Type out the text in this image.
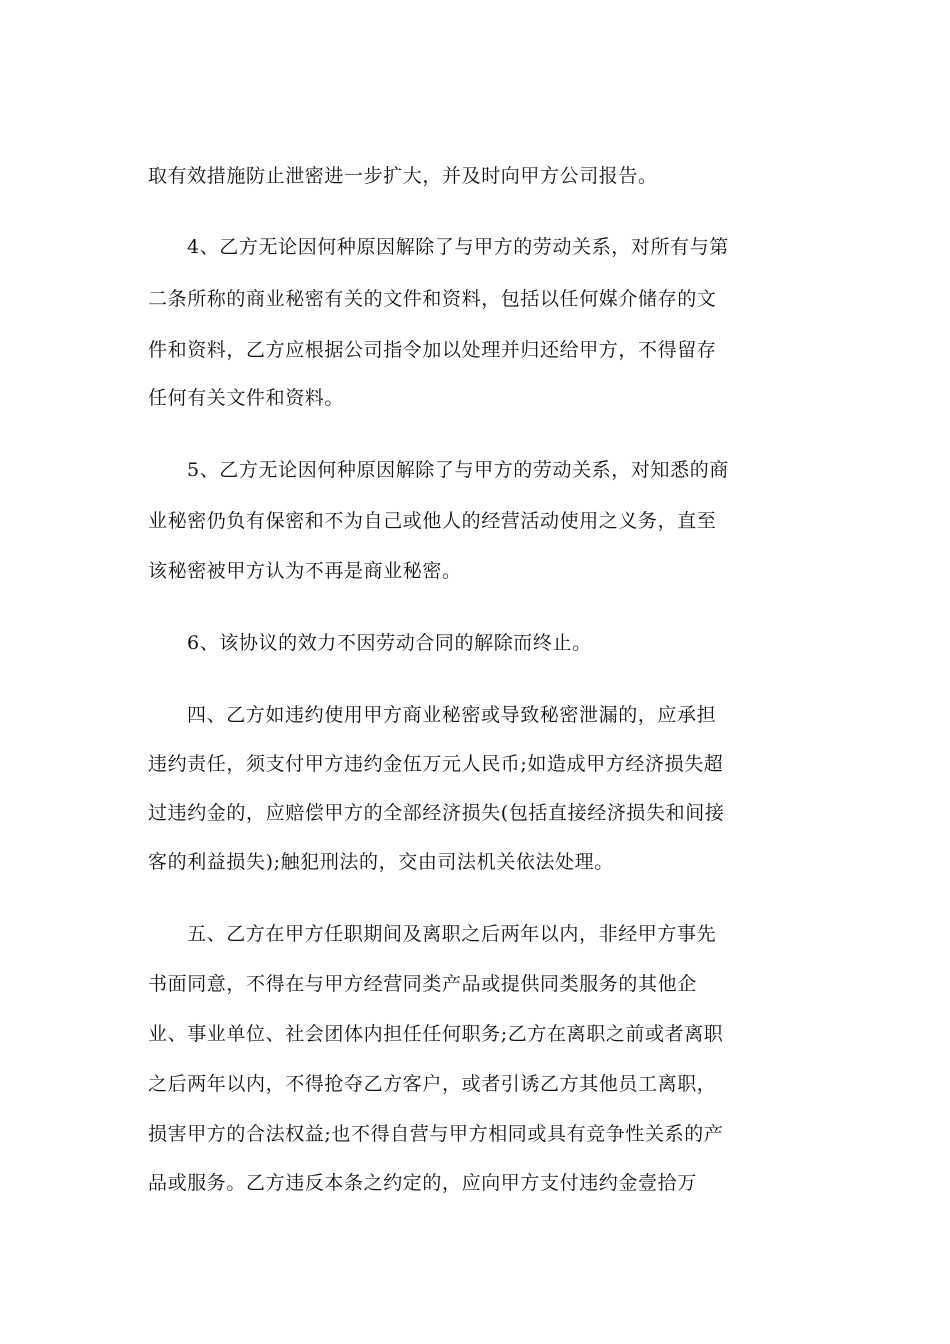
取有效措施防止泄密进一步扩大，并及时向甲方公司报告。
4、乙方无论因何种原因解除了与甲方的劳动关系，对所有与第
二条所称的商业秘密有关的文件和资料，包括以任何媒介储存的文
件和资料，乙方应根据公司指令加以处理并归还给甲方，不得留存
任何有关文件和资料。
5、乙方无论因何种原因解除了与甲方的劳动关系，对知悉的商
业秘密仍负有保密和不为自己或他人的经营活动使用之义务，直至
该秘密被甲方认为不再是商业秘密。
6、该协议的效力不因劳动合同的解除而终止。
四、乙方如违约使用甲方商业秘密或导致秘密泄漏的，应承担
违约责任，须支付甲方违约金伍万元人民币;如造成甲方经济损失超
过违约金的，应赔偿甲方的全部经济损失(包括直接经济损失和间接
客的利益损失);触犯刑法的，交由司法机关依法处理。
五、乙方在甲方任职期间及离职之后两年以内，非经甲方事先
书面同意，不得在与甲方经营同类产品或提供同类服务的其他企
业、事业单位、社会团体内担任任何职务;乙方在离职之前或者离职
之后两年以内，不得抢夺乙方客户，或者引诱乙方其他员工离职，
损害甲方的合法权益;也不得自营与甲方相同或具有竞争性关系的产
品或服务。乙方违反本条之约定的，应向甲方支付违约金壹拾万
